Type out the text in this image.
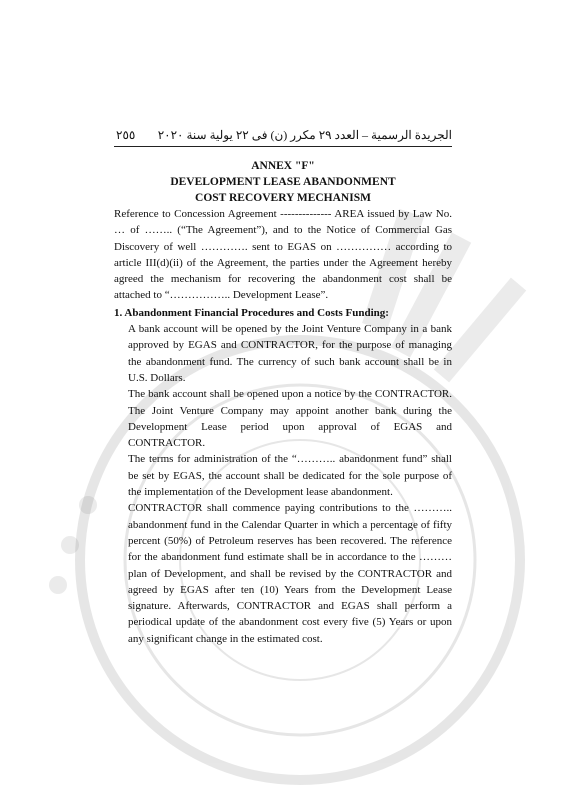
٢٥٥ الجريدة الرسمية – العدد ٢٩ مكرر (ن) فى ٢٢ يولية سنة ٢٠٢٠
ANNEX "F"
DEVELOPMENT LEASE ABANDONMENT
COST RECOVERY MECHANISM

Reference to Concession Agreement -------------- AREA issued by Law No. … of …….. (“The Agreement”), and to the Notice of Commercial Gas Discovery of well …………. sent to EGAS on …………… according to article III(d)(ii) of the Agreement, the parties under the Agreement hereby agreed the mechanism for recovering the abandonment cost shall be attached to “…………….. Development Lease”.

1. Abandonment Financial Procedures and Costs Funding:

A bank account will be opened by the Joint Venture Company in a bank approved by EGAS and CONTRACTOR, for the purpose of managing the abandonment fund. The currency of such bank account shall be in U.S. Dollars.

The bank account shall be opened upon a notice by the CONTRACTOR. The Joint Venture Company may appoint another bank during the Development Lease period upon approval of EGAS and CONTRACTOR.

The terms for administration of the “……….. abandonment fund” shall be set by EGAS, the account shall be dedicated for the sole purpose of the implementation of the Development lease abandonment.

CONTRACTOR shall commence paying contributions to the ……….. abandonment fund in the Calendar Quarter in which a percentage of fifty percent (50%) of Petroleum reserves has been recovered. The reference for the abandonment fund estimate shall be in accordance to the ……… plan of Development, and shall be revised by the CONTRACTOR and agreed by EGAS after ten (10) Years from the Development Lease signature. Afterwards, CONTRACTOR and EGAS shall perform a periodical update of the abandonment cost every five (5) Years or upon any significant change in the estimated cost.
